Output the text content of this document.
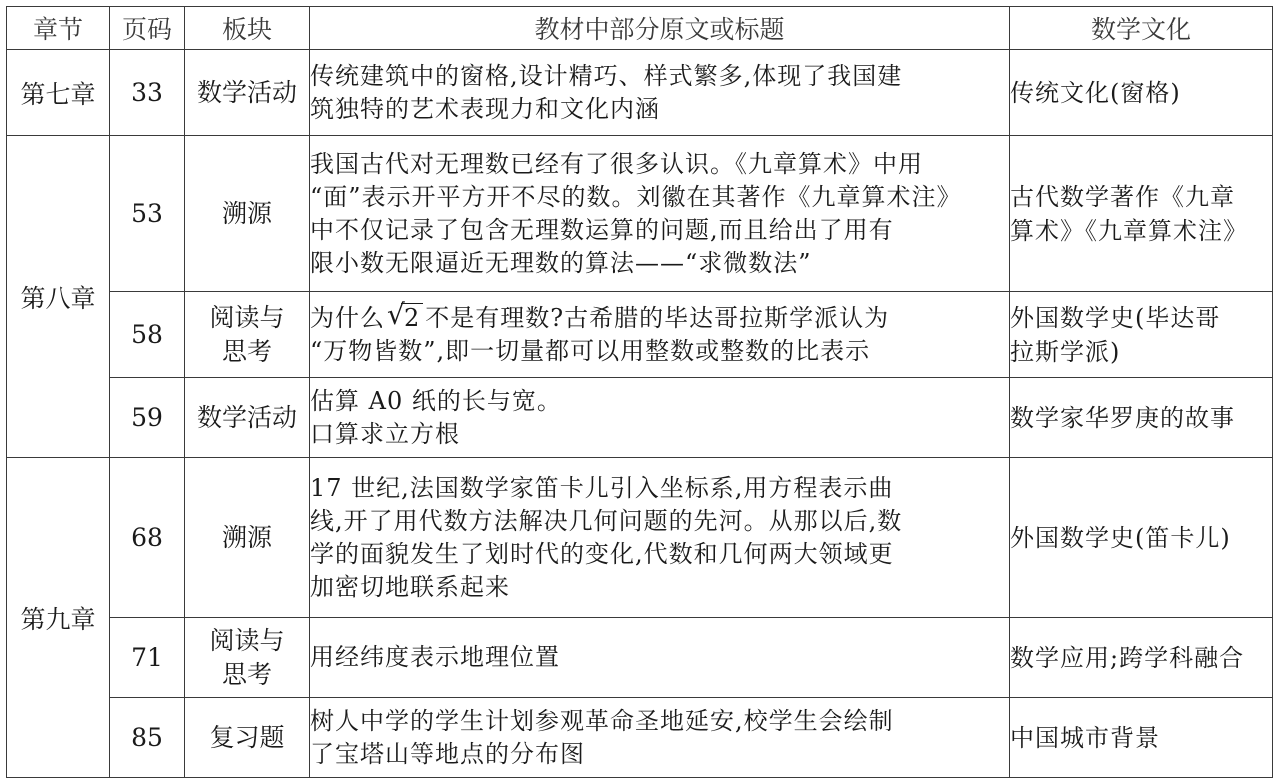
章节	页码	板块	教材中部分原文或标题	数学文化
第七章	33	数学活动	传统建筑中的窗格,设计精巧、样式繁多,体现了我国建
筑独特的艺术表现力和文化内涵	传统文化(窗格)

第八章	53	溯源	我国古代对无理数已经有了很多认识。《九章算术》中用
“面”表示开平方开不尽的数。刘徽在其著作《九章算术注》
中不仅记录了包含无理数运算的问题,而且给出了用有
限小数无限逼近无理数的算法——“求微数法”	古代数学著作《九章
算术》《九章算术注》

	58	阅读与
思考	为什么 √
2 不是有理数?古希腊的毕达哥拉斯学派认为
“万物皆数”,即一切量都可以用整数或整数的比表示	外国数学史(毕达哥
拉斯学派)

	59	数学活动	估算 A0 纸的长与宽。
口算求立方根	数学家华罗庚的故事

第九章	68	溯源	17 世纪,法国数学家笛卡儿引入坐标系,用方程表示曲
线,开了用代数方法解决几何问题的先河。从那以后,数
学的面貌发生了划时代的变化,代数和几何两大领域更
加密切地联系起来	外国数学史(笛卡儿)

	71	阅读与
思考	用经纬度表示地理位置	数学应用;跨学科融合

	85	复习题	树人中学的学生计划参观革命圣地延安,校学生会绘制
了宝塔山等地点的分布图	中国城市背景
